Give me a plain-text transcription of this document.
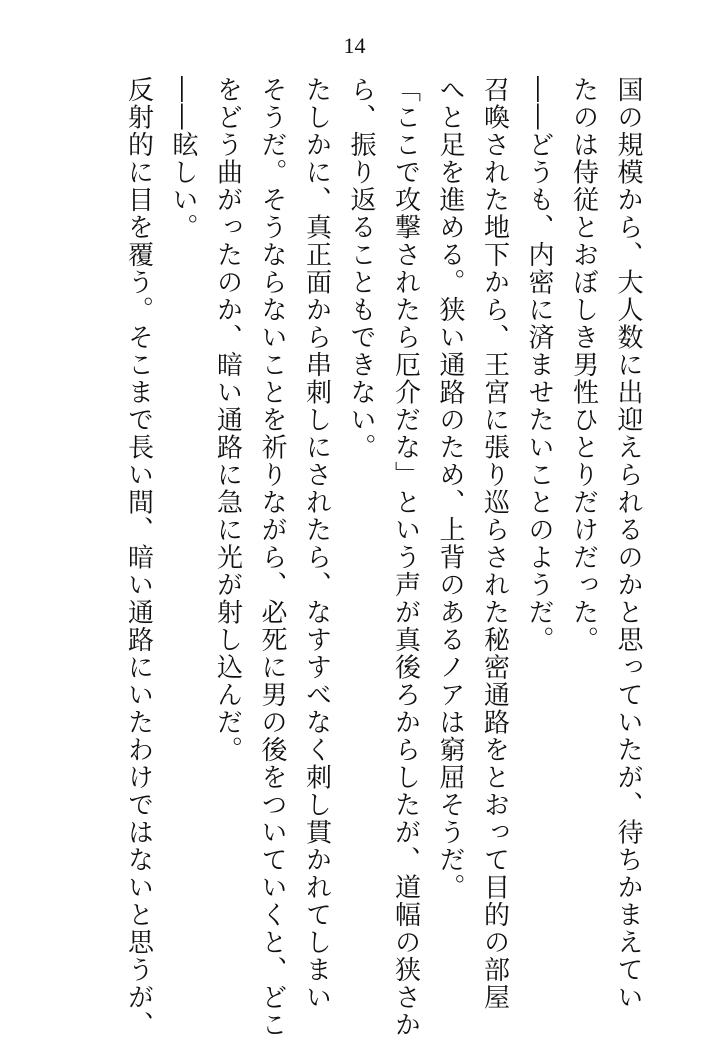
14
国の規模から、大人数に出迎えられるのかと思っていたが、待ちかまえてい
たのは侍従とおぼしき男性ひとりだけだった。
――どうも、内密に済ませたいことのようだ。
召喚された地下から、王宮に張り巡らされた秘密通路をとおって目的の部屋
へと足を進める。狭い通路のため、上背のあるノアは窮屈そうだ。
「ここで攻撃されたら厄介だな」という声が真後ろからしたが、道幅の狭さか
ら、振り返ることもできない。
たしかに、真正面から串刺しにされたら、なすすべなく刺し貫かれてしまい
そうだ。そうならないことを祈りながら、必死に男の後をついていくと、どこ
をどう曲がったのか、暗い通路に急に光が射し込んだ。
――眩しい。
反射的に目を覆う。そこまで長い間、暗い通路にいたわけではないと思うが、
